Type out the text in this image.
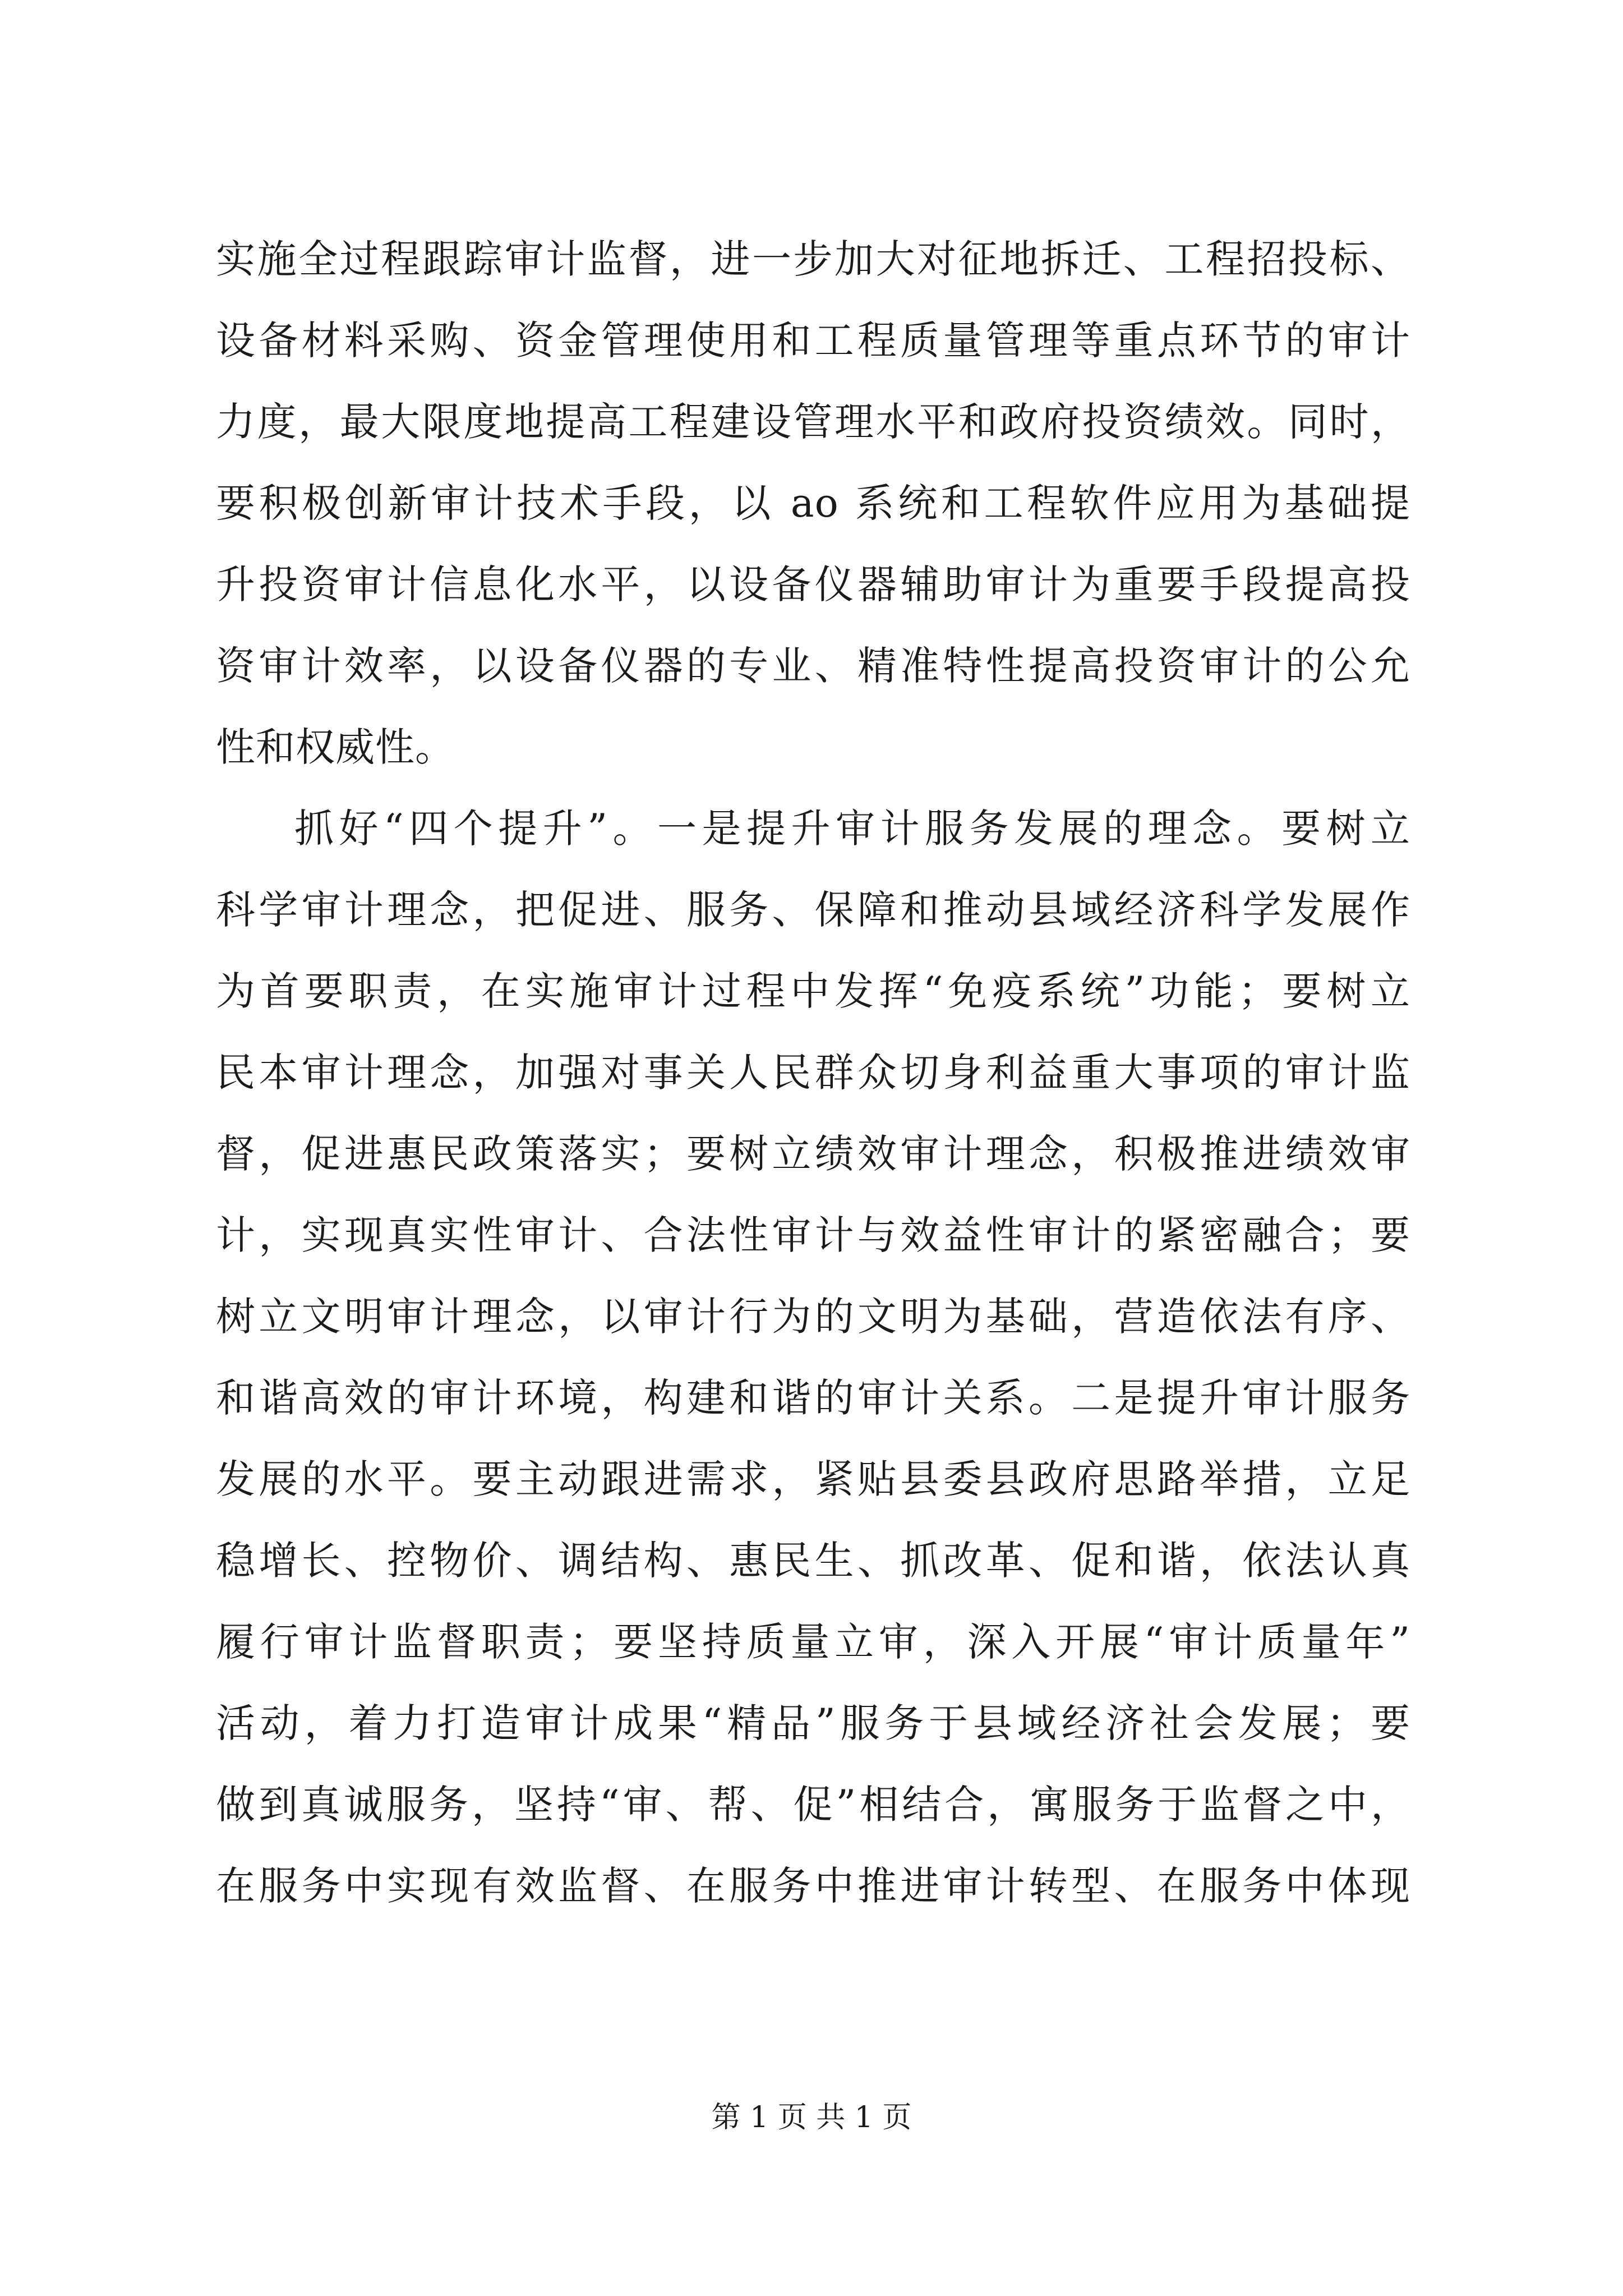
实施全过程跟踪审计监督，进一步加大对征地拆迁、工程招投标、
设备材料采购、资金管理使用和工程质量管理等重点环节的审计
力度，最大限度地提高工程建设管理水平和政府投资绩效。同时，
要积极创新审计技术手段，以 ao 系统和工程软件应用为基础提
升投资审计信息化水平，以设备仪器辅助审计为重要手段提高投
资审计效率，以设备仪器的专业、精准特性提高投资审计的公允
性和权威性。
抓好“四个提升”。一是提升审计服务发展的理念。要树立
科学审计理念，把促进、服务、保障和推动县域经济科学发展作
为首要职责，在实施审计过程中发挥“免疫系统”功能；要树立
民本审计理念，加强对事关人民群众切身利益重大事项的审计监
督，促进惠民政策落实；要树立绩效审计理念，积极推进绩效审
计，实现真实性审计、合法性审计与效益性审计的紧密融合；要
树立文明审计理念，以审计行为的文明为基础，营造依法有序、
和谐高效的审计环境，构建和谐的审计关系。二是提升审计服务
发展的水平。要主动跟进需求，紧贴县委县政府思路举措，立足
稳增长、控物价、调结构、惠民生、抓改革、促和谐，依法认真
履行审计监督职责；要坚持质量立审，深入开展“审计质量年”
活动，着力打造审计成果“精品”服务于县域经济社会发展；要
做到真诚服务，坚持“审、帮、促”相结合，寓服务于监督之中，
在服务中实现有效监督、在服务中推进审计转型、在服务中体现
第 1 页 共 1 页
